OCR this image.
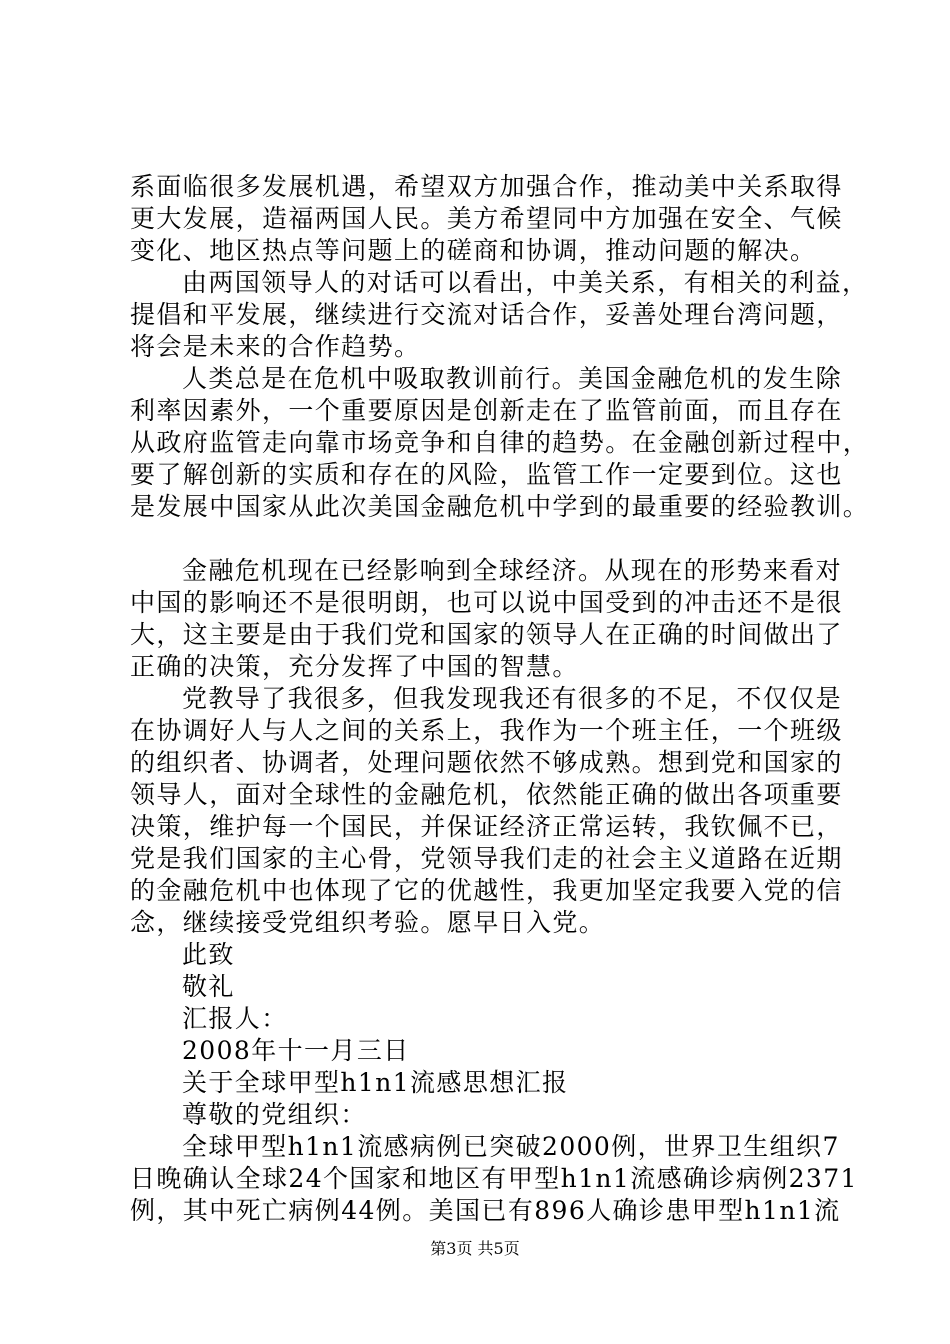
系面临很多发展机遇，希望双方加强合作，推动美中关系取得
更大发展，造福两国人民。美方希望同中方加强在安全、气候
变化、地区热点等问题上的磋商和协调，推动问题的解决。
由两国领导人的对话可以看出，中美关系，有相关的利益，
提倡和平发展，继续进行交流对话合作，妥善处理台湾问题，
将会是未来的合作趋势。
人类总是在危机中吸取教训前行。美国金融危机的发生除
利率因素外，一个重要原因是创新走在了监管前面，而且存在
从政府监管走向靠市场竞争和自律的趋势。在金融创新过程中，
要了解创新的实质和存在的风险，监管工作一定要到位。这也
是发展中国家从此次美国金融危机中学到的最重要的经验教训。
金融危机现在已经影响到全球经济。从现在的形势来看对
中国的影响还不是很明朗，也可以说中国受到的冲击还不是很
大，这主要是由于我们党和国家的领导人在正确的时间做出了
正确的决策，充分发挥了中国的智慧。
党教导了我很多，但我发现我还有很多的不足，不仅仅是
在协调好人与人之间的关系上，我作为一个班主任，一个班级
的组织者、协调者，处理问题依然不够成熟。想到党和国家的
领导人，面对全球性的金融危机，依然能正确的做出各项重要
决策，维护每一个国民，并保证经济正常运转，我钦佩不已，
党是我们国家的主心骨，党领导我们走的社会主义道路在近期
的金融危机中也体现了它的优越性，我更加坚定我要入党的信
念，继续接受党组织考验。愿早日入党。
此致
敬礼
汇报人：
2008年十一月三日
关于全球甲型h1n1流感思想汇报
尊敬的党组织：
全球甲型h1n1流感病例已突破2000例，世界卫生组织7
日晚确认全球24个国家和地区有甲型h1n1流感确诊病例2371
例，其中死亡病例44例。美国已有896人确诊患甲型h1n1流
第3页 共5页
